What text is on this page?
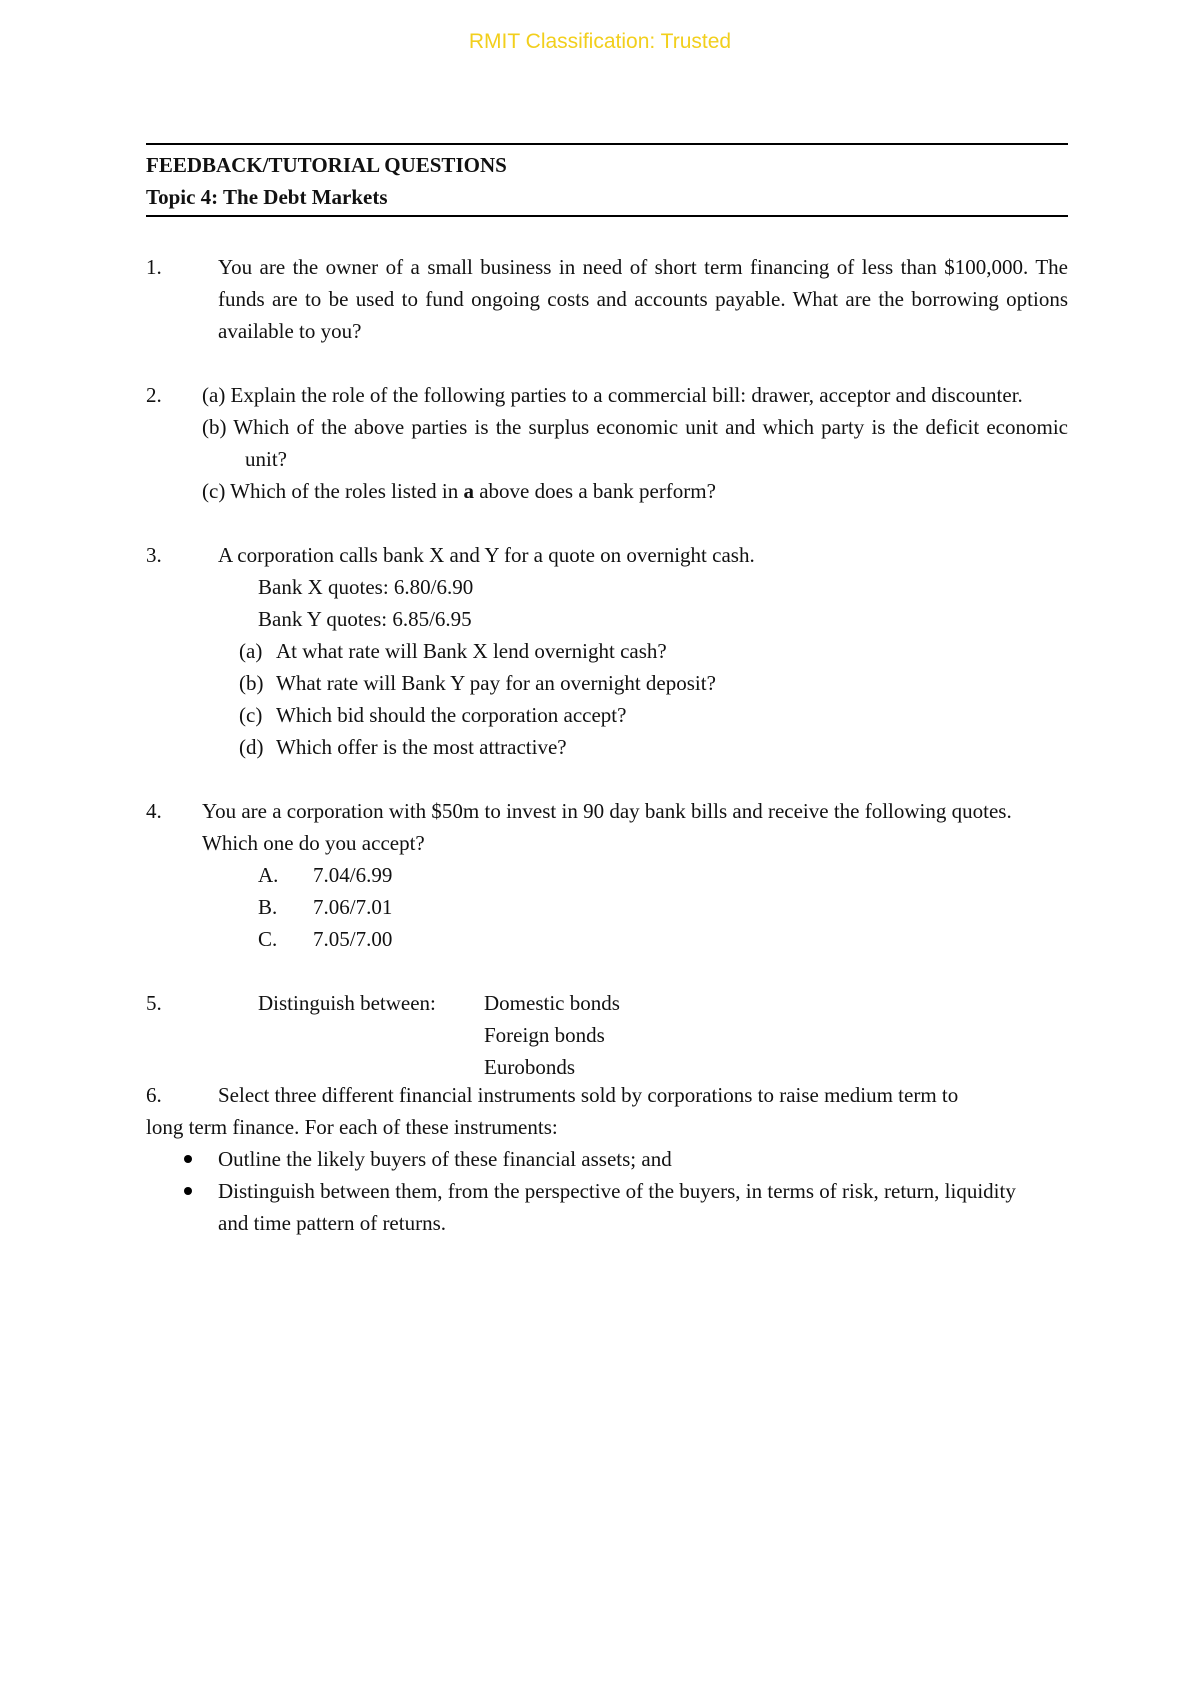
RMIT Classification: Trusted
FEEDBACK/TUTORIAL QUESTIONS
Topic 4: The Debt Markets
1.	You are the owner of a small business in need of short term financing of less than $100,000. The funds are to be used to fund ongoing costs and accounts payable. What are the borrowing options available to you?
2. (a) Explain the role of the following parties to a commercial bill: drawer, acceptor and discounter.
(b) Which of the above parties is the surplus economic unit and which party is the deficit economic unit?
(c) Which of the roles listed in a above does a bank perform?
3.	A corporation calls bank X and Y for a quote on overnight cash.
Bank X quotes: 6.80/6.90
Bank Y quotes: 6.85/6.95
(a) At what rate will Bank X lend overnight cash?
(b) What rate will Bank Y pay for an overnight deposit?
(c) Which bid should the corporation accept?
(d) Which offer is the most attractive?
4. You are a corporation with $50m to invest in 90 day bank bills and receive the following quotes. Which one do you accept?
A. 7.04/6.99
B. 7.06/7.01
C. 7.05/7.00
5.	Distinguish between: Domestic bonds
Foreign bonds
Eurobonds
6.	Select three different financial instruments sold by corporations to raise medium term to
long term finance. For each of these instruments:
Outline the likely buyers of these financial assets; and
Distinguish between them, from the perspective of the buyers, in terms of risk, return, liquidity and time pattern of returns.
